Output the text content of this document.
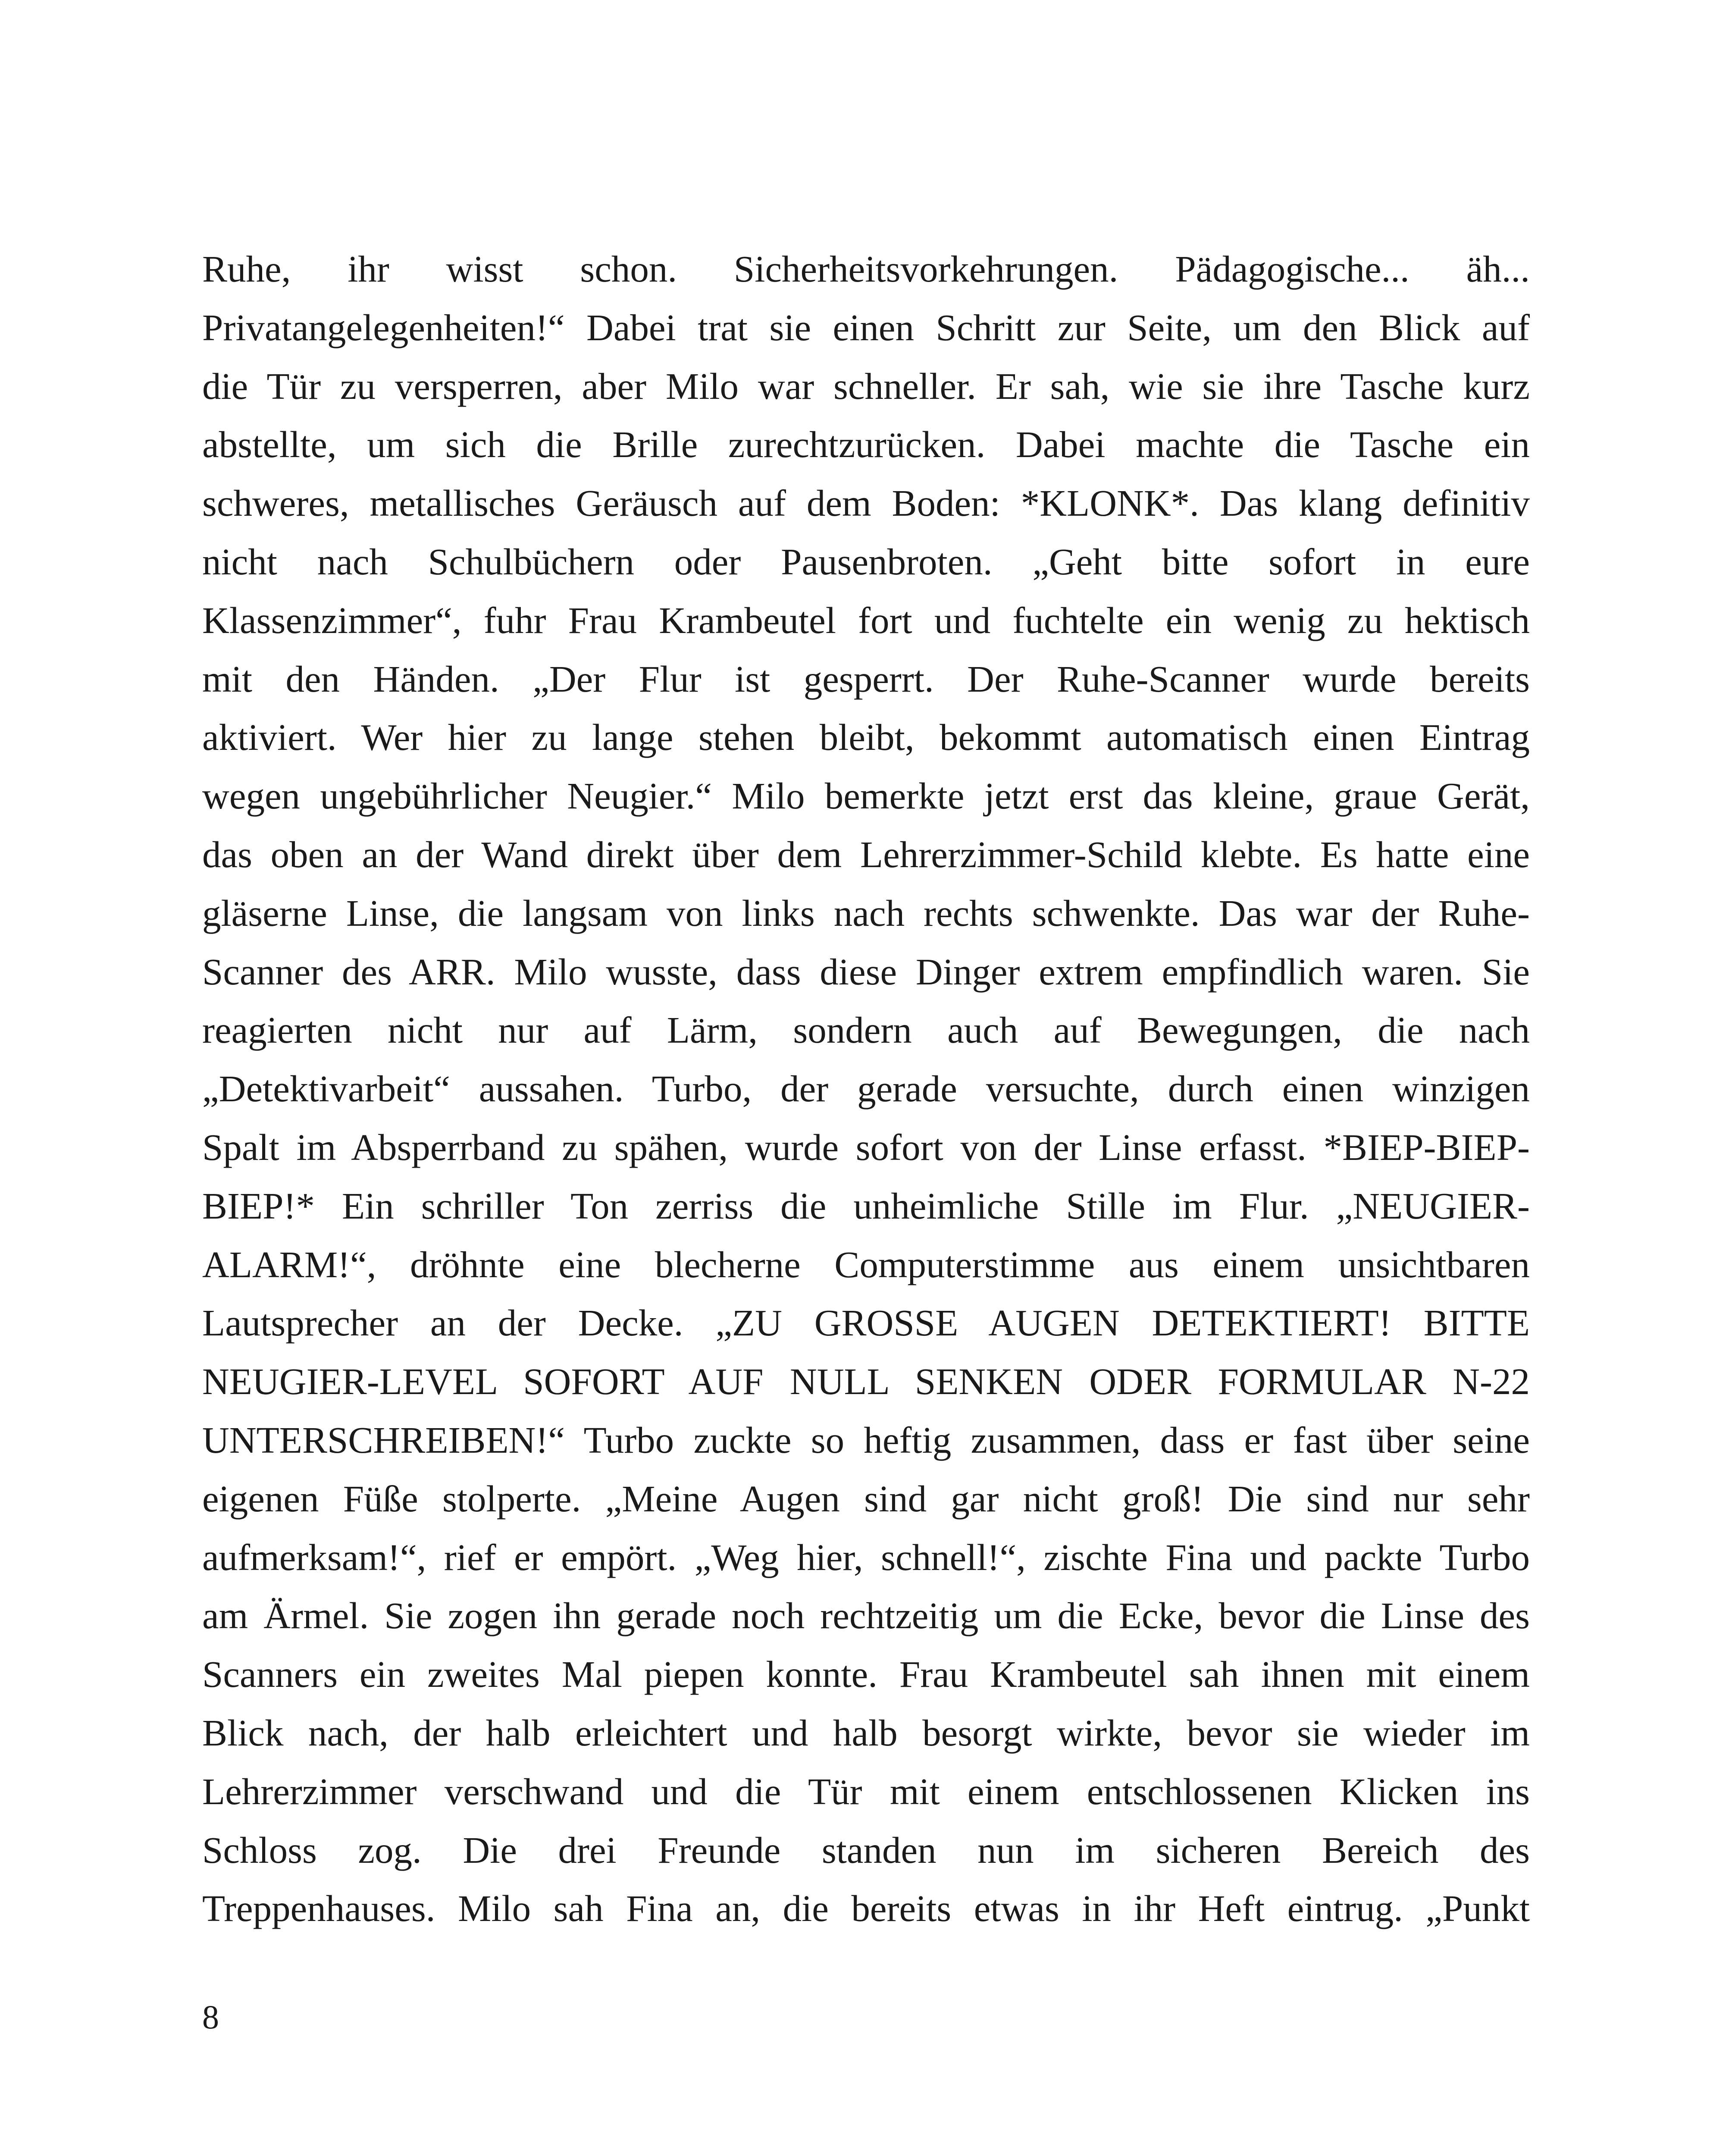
Ruhe, ihr wisst schon. Sicherheitsvorkehrungen. Pädagogische... äh...
Privatangelegenheiten!“ Dabei trat sie einen Schritt zur Seite, um den Blick auf
die Tür zu versperren, aber Milo war schneller. Er sah, wie sie ihre Tasche kurz
abstellte, um sich die Brille zurechtzurücken. Dabei machte die Tasche ein
schweres, metallisches Geräusch auf dem Boden: *KLONK*. Das klang definitiv
nicht nach Schulbüchern oder Pausenbroten. „Geht bitte sofort in eure
Klassenzimmer“, fuhr Frau Krambeutel fort und fuchtelte ein wenig zu hektisch
mit den Händen. „Der Flur ist gesperrt. Der Ruhe-Scanner wurde bereits
aktiviert. Wer hier zu lange stehen bleibt, bekommt automatisch einen Eintrag
wegen ungebührlicher Neugier.“ Milo bemerkte jetzt erst das kleine, graue Gerät,
das oben an der Wand direkt über dem Lehrerzimmer-Schild klebte. Es hatte eine
gläserne Linse, die langsam von links nach rechts schwenkte. Das war der Ruhe-
Scanner des ARR. Milo wusste, dass diese Dinger extrem empfindlich waren. Sie
reagierten nicht nur auf Lärm, sondern auch auf Bewegungen, die nach
„Detektivarbeit“ aussahen. Turbo, der gerade versuchte, durch einen winzigen
Spalt im Absperrband zu spähen, wurde sofort von der Linse erfasst. *BIEP-BIEP-
BIEP!* Ein schriller Ton zerriss die unheimliche Stille im Flur. „NEUGIER-
ALARM!“, dröhnte eine blecherne Computerstimme aus einem unsichtbaren
Lautsprecher an der Decke. „ZU GROSSE AUGEN DETEKTIERT! BITTE
NEUGIER-LEVEL SOFORT AUF NULL SENKEN ODER FORMULAR N-22
UNTERSCHREIBEN!“ Turbo zuckte so heftig zusammen, dass er fast über seine
eigenen Füße stolperte. „Meine Augen sind gar nicht groß! Die sind nur sehr
aufmerksam!“, rief er empört. „Weg hier, schnell!“, zischte Fina und packte Turbo
am Ärmel. Sie zogen ihn gerade noch rechtzeitig um die Ecke, bevor die Linse des
Scanners ein zweites Mal piepen konnte. Frau Krambeutel sah ihnen mit einem
Blick nach, der halb erleichtert und halb besorgt wirkte, bevor sie wieder im
Lehrerzimmer verschwand und die Tür mit einem entschlossenen Klicken ins
Schloss zog. Die drei Freunde standen nun im sicheren Bereich des
Treppenhauses. Milo sah Fina an, die bereits etwas in ihr Heft eintrug. „Punkt
8
